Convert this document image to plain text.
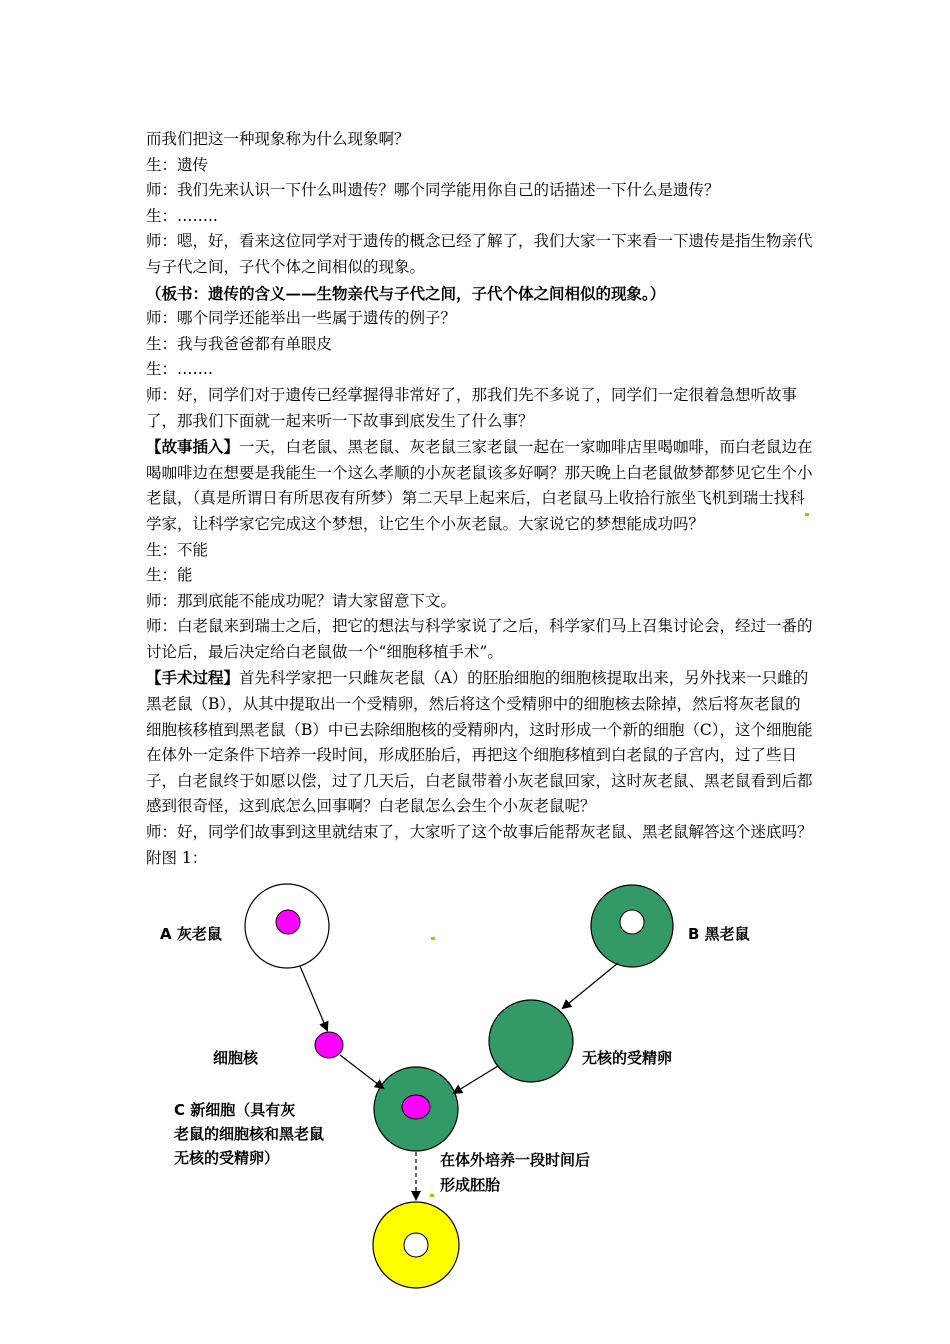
而我们把这一种现象称为什么现象啊？

生：遗传

师：我们先来认识一下什么叫遗传？哪个同学能用你自己的话描述一下什么是遗传？

生：……..

师：嗯，好，看来这位同学对于遗传的概念已经了解了，我们大家一下来看一下遗传是指生物亲代与子代之间，子代个体之间相似的现象。

（板书：遗传的含义——生物亲代与子代之间，子代个体之间相似的现象。）

师：哪个同学还能举出一些属于遗传的例子？

生：我与我爸爸都有单眼皮

生：…….

师：好，同学们对于遗传已经掌握得非常好了，那我们先不多说了，同学们一定很着急想听故事了，那我们下面就一起来听一下故事到底发生了什么事？

【故事插入】一天，白老鼠、黑老鼠、灰老鼠三家老鼠一起在一家咖啡店里喝咖啡，而白老鼠边在喝咖啡边在想要是我能生一个这么孝顺的小灰老鼠该多好啊？那天晚上白老鼠做梦都梦见它生个小老鼠，（真是所谓日有所思夜有所梦）第二天早上起来后，白老鼠马上收拾行旅坐飞机到瑞士找科学家，让科学家它完成这个梦想，让它生个小灰老鼠。大家说它的梦想能成功吗？

生：不能

生：能

师：那到底能不能成功呢？请大家留意下文。

师：白老鼠来到瑞士之后，把它的想法与科学家说了之后，科学家们马上召集讨论会，经过一番的讨论后，最后决定给白老鼠做一个“细胞移植手术”。

【手术过程】首先科学家把一只雌灰老鼠（A）的胚胎细胞的细胞核提取出来，另外找来一只雌的黑老鼠（B），从其中提取出一个受精卵，然后将这个受精卵中的细胞核去除掉，然后将灰老鼠的细胞核移植到黑老鼠（B）中已去除细胞核的受精卵内，这时形成一个新的细胞（C），这个细胞能在体外一定条件下培养一段时间，形成胚胎后，再把这个细胞移植到白老鼠的子宫内，过了些日子，白老鼠终于如愿以偿，过了几天后，白老鼠带着小灰老鼠回家，这时灰老鼠、黑老鼠看到后都感到很奇怪，这到底怎么回事啊？白老鼠怎么会生个小灰老鼠呢？

师：好，同学们故事到这里就结束了，大家听了这个故事后能帮灰老鼠、黑老鼠解答这个迷底吗？

附图 1：

A 灰老鼠	B 黑老鼠
细胞核	无核的受精卵
C 新细胞（具有灰
老鼠的细胞核和黑老鼠
无核的受精卵）	在体外培养一段时间后
形成胚胎
